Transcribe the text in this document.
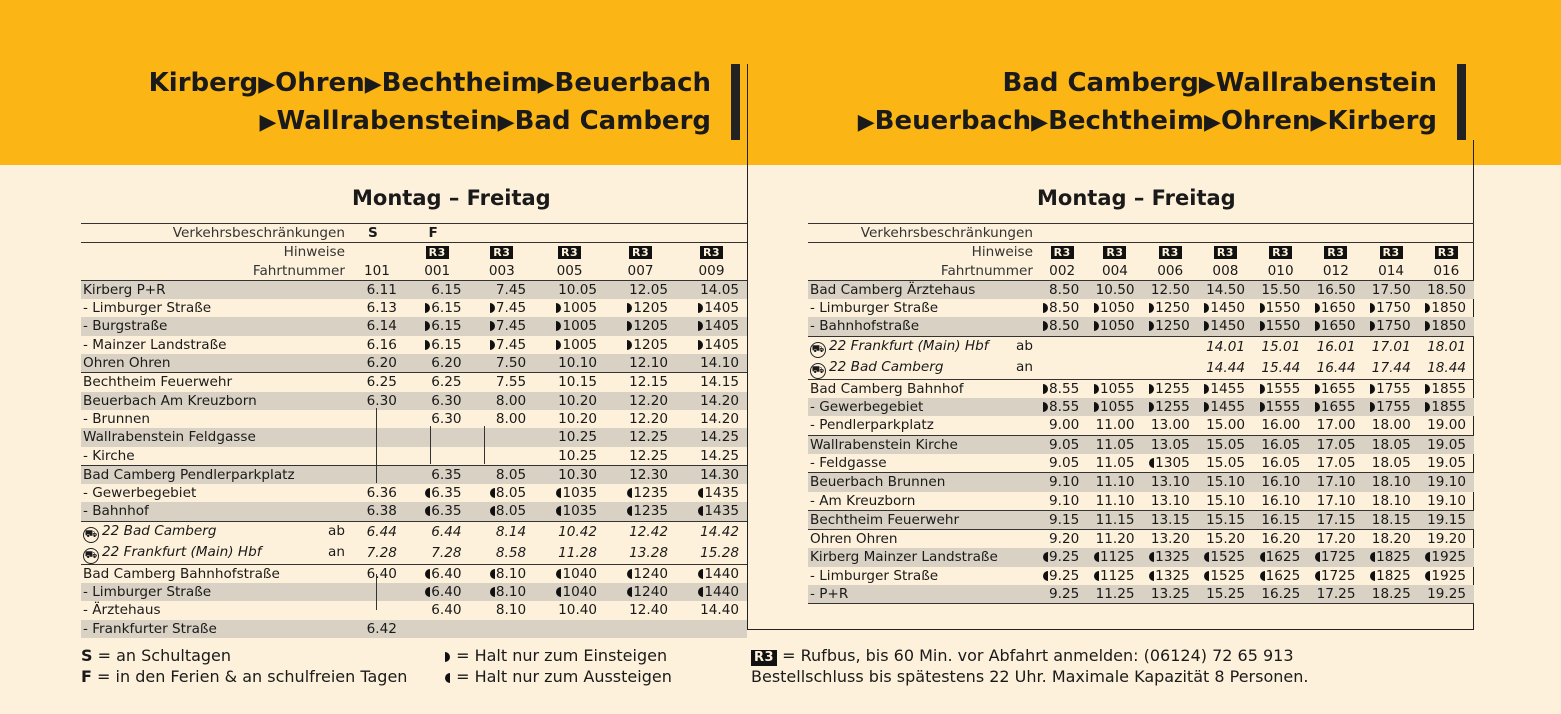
Kirberg▶Ohren▶Bechtheim▶Beuerbach
▶Wallrabenstein▶Bad Camberg
Bad Camberg▶Wallrabenstein
▶Beuerbach▶Bechtheim▶Ohren▶Kirberg
Montag – Freitag	Montag – Freitag
Verkehrsbeschränkungen	S	F				
Hinweise		R3	R3	R3	R3	R3
Fahrtnummer	101	001	003	005	007	009
Kirberg P+R	6.11	6.15	7.45	10.05	12.05	14.05
- Limburger Straße	6.13	6.15	7.45	1005	1205	1405
- Burgstraße	6.14	6.15	7.45	1005	1205	1405
- Mainzer Landstraße	6.16	6.15	7.45	1005	1205	1405
Ohren Ohren	6.20	6.20	7.50	10.10	12.10	14.10
Bechtheim Feuerwehr	6.25	6.25	7.55	10.15	12.15	14.15
Beuerbach Am Kreuzborn	6.30	6.30	8.00	10.20	12.20	14.20
- Brunnen		6.30	8.00	10.20	12.20	14.20
Wallrabenstein Feldgasse				10.25	12.25	14.25
- Kirche				10.25	12.25	14.25
Bad Camberg Pendlerparkplatz		6.35	8.05	10.30	12.30	14.30
- Gewerbegebiet	6.36	6.35	8.05	1035	1235	1435
- Bahnhof	6.38	6.35	8.05	1035	1235	1435
⛟ 22 Bad Camberg ab	6.44	6.44	8.14	10.42	12.42	14.42
⛟ 22 Frankfurt (Main) Hbf an	7.28	7.28	8.58	11.28	13.28	15.28
Bad Camberg Bahnhofstraße	6.40	6.40	8.10	1040	1240	1440
- Limburger Straße		6.40	8.10	1040	1240	1440
- Ärztehaus		6.40	8.10	10.40	12.40	14.40
- Frankfurter Straße	6.42					
Verkehrsbeschränkungen								
Hinweise	R3	R3	R3	R3	R3	R3	R3	R3
Fahrtnummer	002	004	006	008	010	012	014	016
Bad Camberg Ärztehaus	8.50	10.50	12.50	14.50	15.50	16.50	17.50	18.50
- Limburger Straße	8.50	1050	1250	1450	1550	1650	1750	1850
- Bahnhofstraße	8.50	1050	1250	1450	1550	1650	1750	1850
⛟ 22 Frankfurt (Main) Hbf ab				14.01	15.01	16.01	17.01	18.01
⛟ 22 Bad Camberg an				14.44	15.44	16.44	17.44	18.44
Bad Camberg Bahnhof	8.55	1055	1255	1455	1555	1655	1755	1855
- Gewerbegebiet	8.55	1055	1255	1455	1555	1655	1755	1855
- Pendlerparkplatz	9.00	11.00	13.00	15.00	16.00	17.00	18.00	19.00
Wallrabenstein Kirche	9.05	11.05	13.05	15.05	16.05	17.05	18.05	19.05
- Feldgasse	9.05	11.05	1305	15.05	16.05	17.05	18.05	19.05
Beuerbach Brunnen	9.10	11.10	13.10	15.10	16.10	17.10	18.10	19.10
- Am Kreuzborn	9.10	11.10	13.10	15.10	16.10	17.10	18.10	19.10
Bechtheim Feuerwehr	9.15	11.15	13.15	15.15	16.15	17.15	18.15	19.15
Ohren Ohren	9.20	11.20	13.20	15.20	16.20	17.20	18.20	19.20
Kirberg Mainzer Landstraße	9.25	1125	1325	1525	1625	1725	1825	1925
- Limburger Straße	9.25	1125	1325	1525	1625	1725	1825	1925
- P+R	9.25	11.25	13.25	15.25	16.25	17.25	18.25	19.25
S = an Schultagen
F = in den Ferien & an schulfreien Tagen
= Halt nur zum Einsteigen
= Halt nur zum Aussteigen
R3 = Rufbus, bis 60 Min. vor Abfahrt anmelden: (06124) 72 65 913
Bestellschluss bis spätestens 22 Uhr. Maximale Kapazität 8 Personen.
